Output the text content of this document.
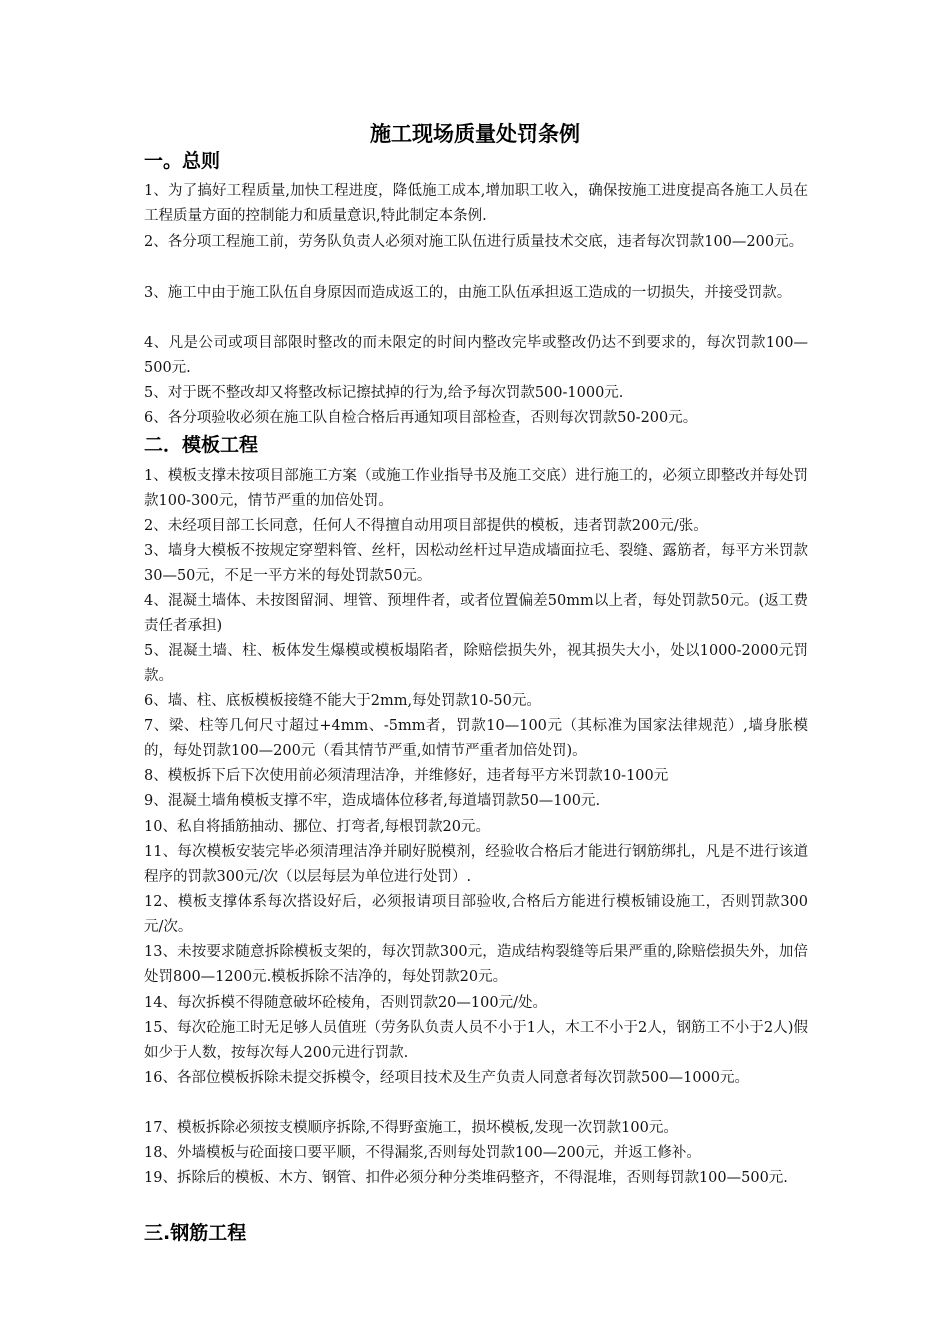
施工现场质量处罚条例
一。总则
1、为了搞好工程质量,加快工程进度，降低施工成本,增加职工收入，确保按施工进度提高各施工人员在工程质量方面的控制能力和质量意识,特此制定本条例.
2、各分项工程施工前，劳务队负责人必须对施工队伍进行质量技术交底，违者每次罚款100—200元。
3、施工中由于施工队伍自身原因而造成返工的，由施工队伍承担返工造成的一切损失，并接受罚款。
4、凡是公司或项目部限时整改的而未限定的时间内整改完毕或整改仍达不到要求的，每次罚款100—500元.
5、对于既不整改却又将整改标记擦拭掉的行为,给予每次罚款500-1000元.
6、各分项验收必须在施工队自检合格后再通知项目部检查，否则每次罚款50-200元。
二．模板工程
1、模板支撑未按项目部施工方案（或施工作业指导书及施工交底）进行施工的，必须立即整改并每处罚款100-300元，情节严重的加倍处罚。
2、未经项目部工长同意，任何人不得擅自动用项目部提供的模板，违者罚款200元/张。
3、墙身大模板不按规定穿塑料管、丝杆，因松动丝杆过早造成墙面拉毛、裂缝、露筋者，每平方米罚款30—50元，不足一平方米的每处罚款50元。
4、混凝土墙体、未按图留洞、埋管、预埋件者，或者位置偏差50mm以上者，每处罚款50元。(返工费责任者承担)
5、混凝土墙、柱、板体发生爆模或模板塌陷者，除赔偿损失外，视其损失大小，处以1000-2000元罚款。
6、墙、柱、底板模板接缝不能大于2mm,每处罚款10-50元。
7、梁、柱等几何尺寸超过+4mm、-5mm者，罚款10—100元（其标准为国家法律规范）,墙身胀模的，每处罚款100—200元（看其情节严重,如情节严重者加倍处罚)。
8、模板拆下后下次使用前必须清理洁净，并维修好，违者每平方米罚款10-100元
9、混凝土墙角模板支撑不牢，造成墙体位移者,每道墙罚款50—100元.
10、私自将插筋抽动、挪位、打弯者,每根罚款20元。
11、每次模板安装完毕必须清理洁净并刷好脱模剂，经验收合格后才能进行钢筋绑扎，凡是不进行该道程序的罚款300元/次（以层每层为单位进行处罚）.
12、模板支撑体系每次搭设好后，必须报请项目部验收,合格后方能进行模板铺设施工，否则罚款300元/次。
13、未按要求随意拆除模板支架的，每次罚款300元，造成结构裂缝等后果严重的,除赔偿损失外，加倍处罚800—1200元.模板拆除不洁净的，每处罚款20元。
14、每次拆模不得随意破坏砼棱角，否则罚款20—100元/处。
15、每次砼施工时无足够人员值班（劳务队负责人员不小于1人，木工不小于2人，钢筋工不小于2人)假如少于人数，按每次每人200元进行罚款.
16、各部位模板拆除未提交拆模令，经项目技术及生产负责人同意者每次罚款500—1000元。
17、模板拆除必须按支模顺序拆除,不得野蛮施工，损坏模板,发现一次罚款100元。
18、外墙模板与砼面接口要平顺，不得漏浆,否则每处罚款100—200元，并返工修补。
19、拆除后的模板、木方、钢管、扣件必须分种分类堆码整齐，不得混堆，否则每罚款100—500元.
三.钢筋工程
